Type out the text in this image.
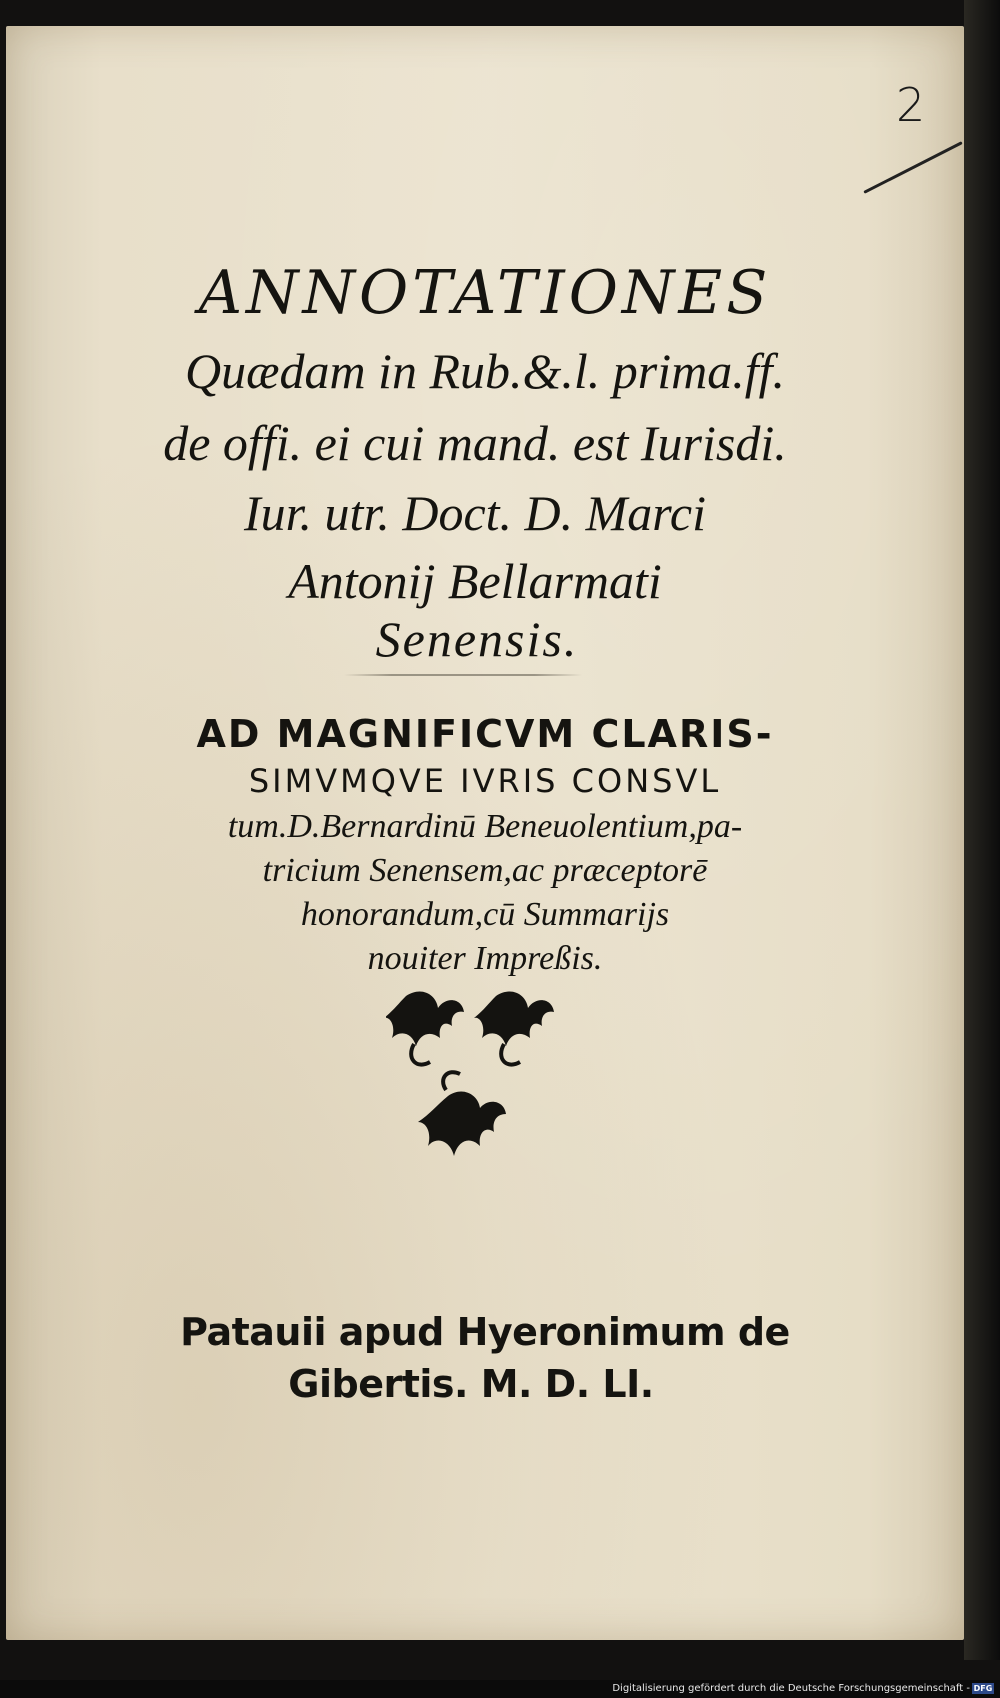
2
ANNOTATIONES
Quædam in Rub.&.l. prima.ff.
de offi. ei cui mand. est Iurisdi.
Iur. utr. Doct. D. Marci
Antonij Bellarmati
Senensis.
AD MAGNIFICVM CLARIS-
SIMVMQVE IVRIS CONSVL
tum.D.Bernardinū Beneuolentium,pa-
tricium Senensem,ac præceptorē
honorandum,cū Summarijs
nouiter Impreßis.
Patauii apud Hyeronimum de
Gibertis. M. D. LI.
Digitalisierung gefördert durch die Deutsche Forschungsgemeinschaft - DFG
